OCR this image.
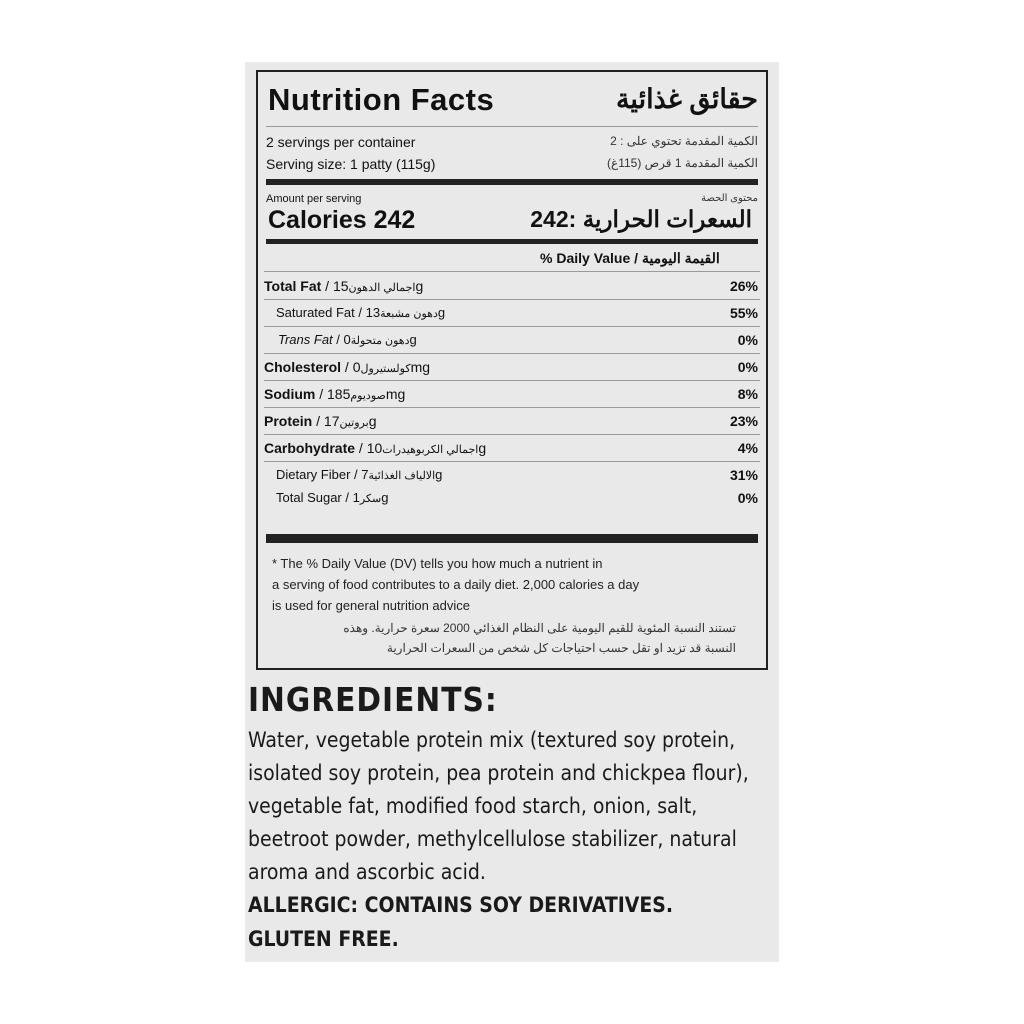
Nutrition Facts	حقائق غذائية
2 servings per container	الكمية المقدمة تحتوي على : 2
Serving size: 1 patty (115g)	الكمية المقدمة 1 قرص (115غ)
Amount per serving	محتوى الحصة
Calories 242	السعرات الحرارية :242
% Daily Value / القيمة اليومية
Total Fat / اجمالي الدهون15g	26%
Saturated Fat / دهون مشبعة13g	55%
Trans Fat / دهون متحولة0g	0%
Cholesterol / كولستيرول0mg	0%
Sodium / صوديوم185mg	8%
Protein / بروتين17g	23%
Carbohydrate / اجمالي الكربوهيدرات10g	4%
Dietary Fiber / الالياف الغذائية7g	31%
Total Sugar / سكر1g	0%
* The % Daily Value (DV) tells you how much a nutrient in
a serving of food contributes to a daily diet. 2,000 calories a day
is used for general nutrition advice
تستند النسبة المئوية للقيم اليومية على النظام الغذائي 2000 سعرة حرارية. وهذه
النسبة قد تزيد او تقل حسب احتياجات كل شخص من السعرات الحرارية
INGREDIENTS:
Water, vegetable protein mix (textured soy protein,
isolated soy protein, pea protein and chickpea flour),
vegetable fat, modified food starch, onion, salt,
beetroot powder, methylcellulose stabilizer, natural
aroma and ascorbic acid.
ALLERGIC: CONTAINS SOY DERIVATIVES.
GLUTEN FREE.
